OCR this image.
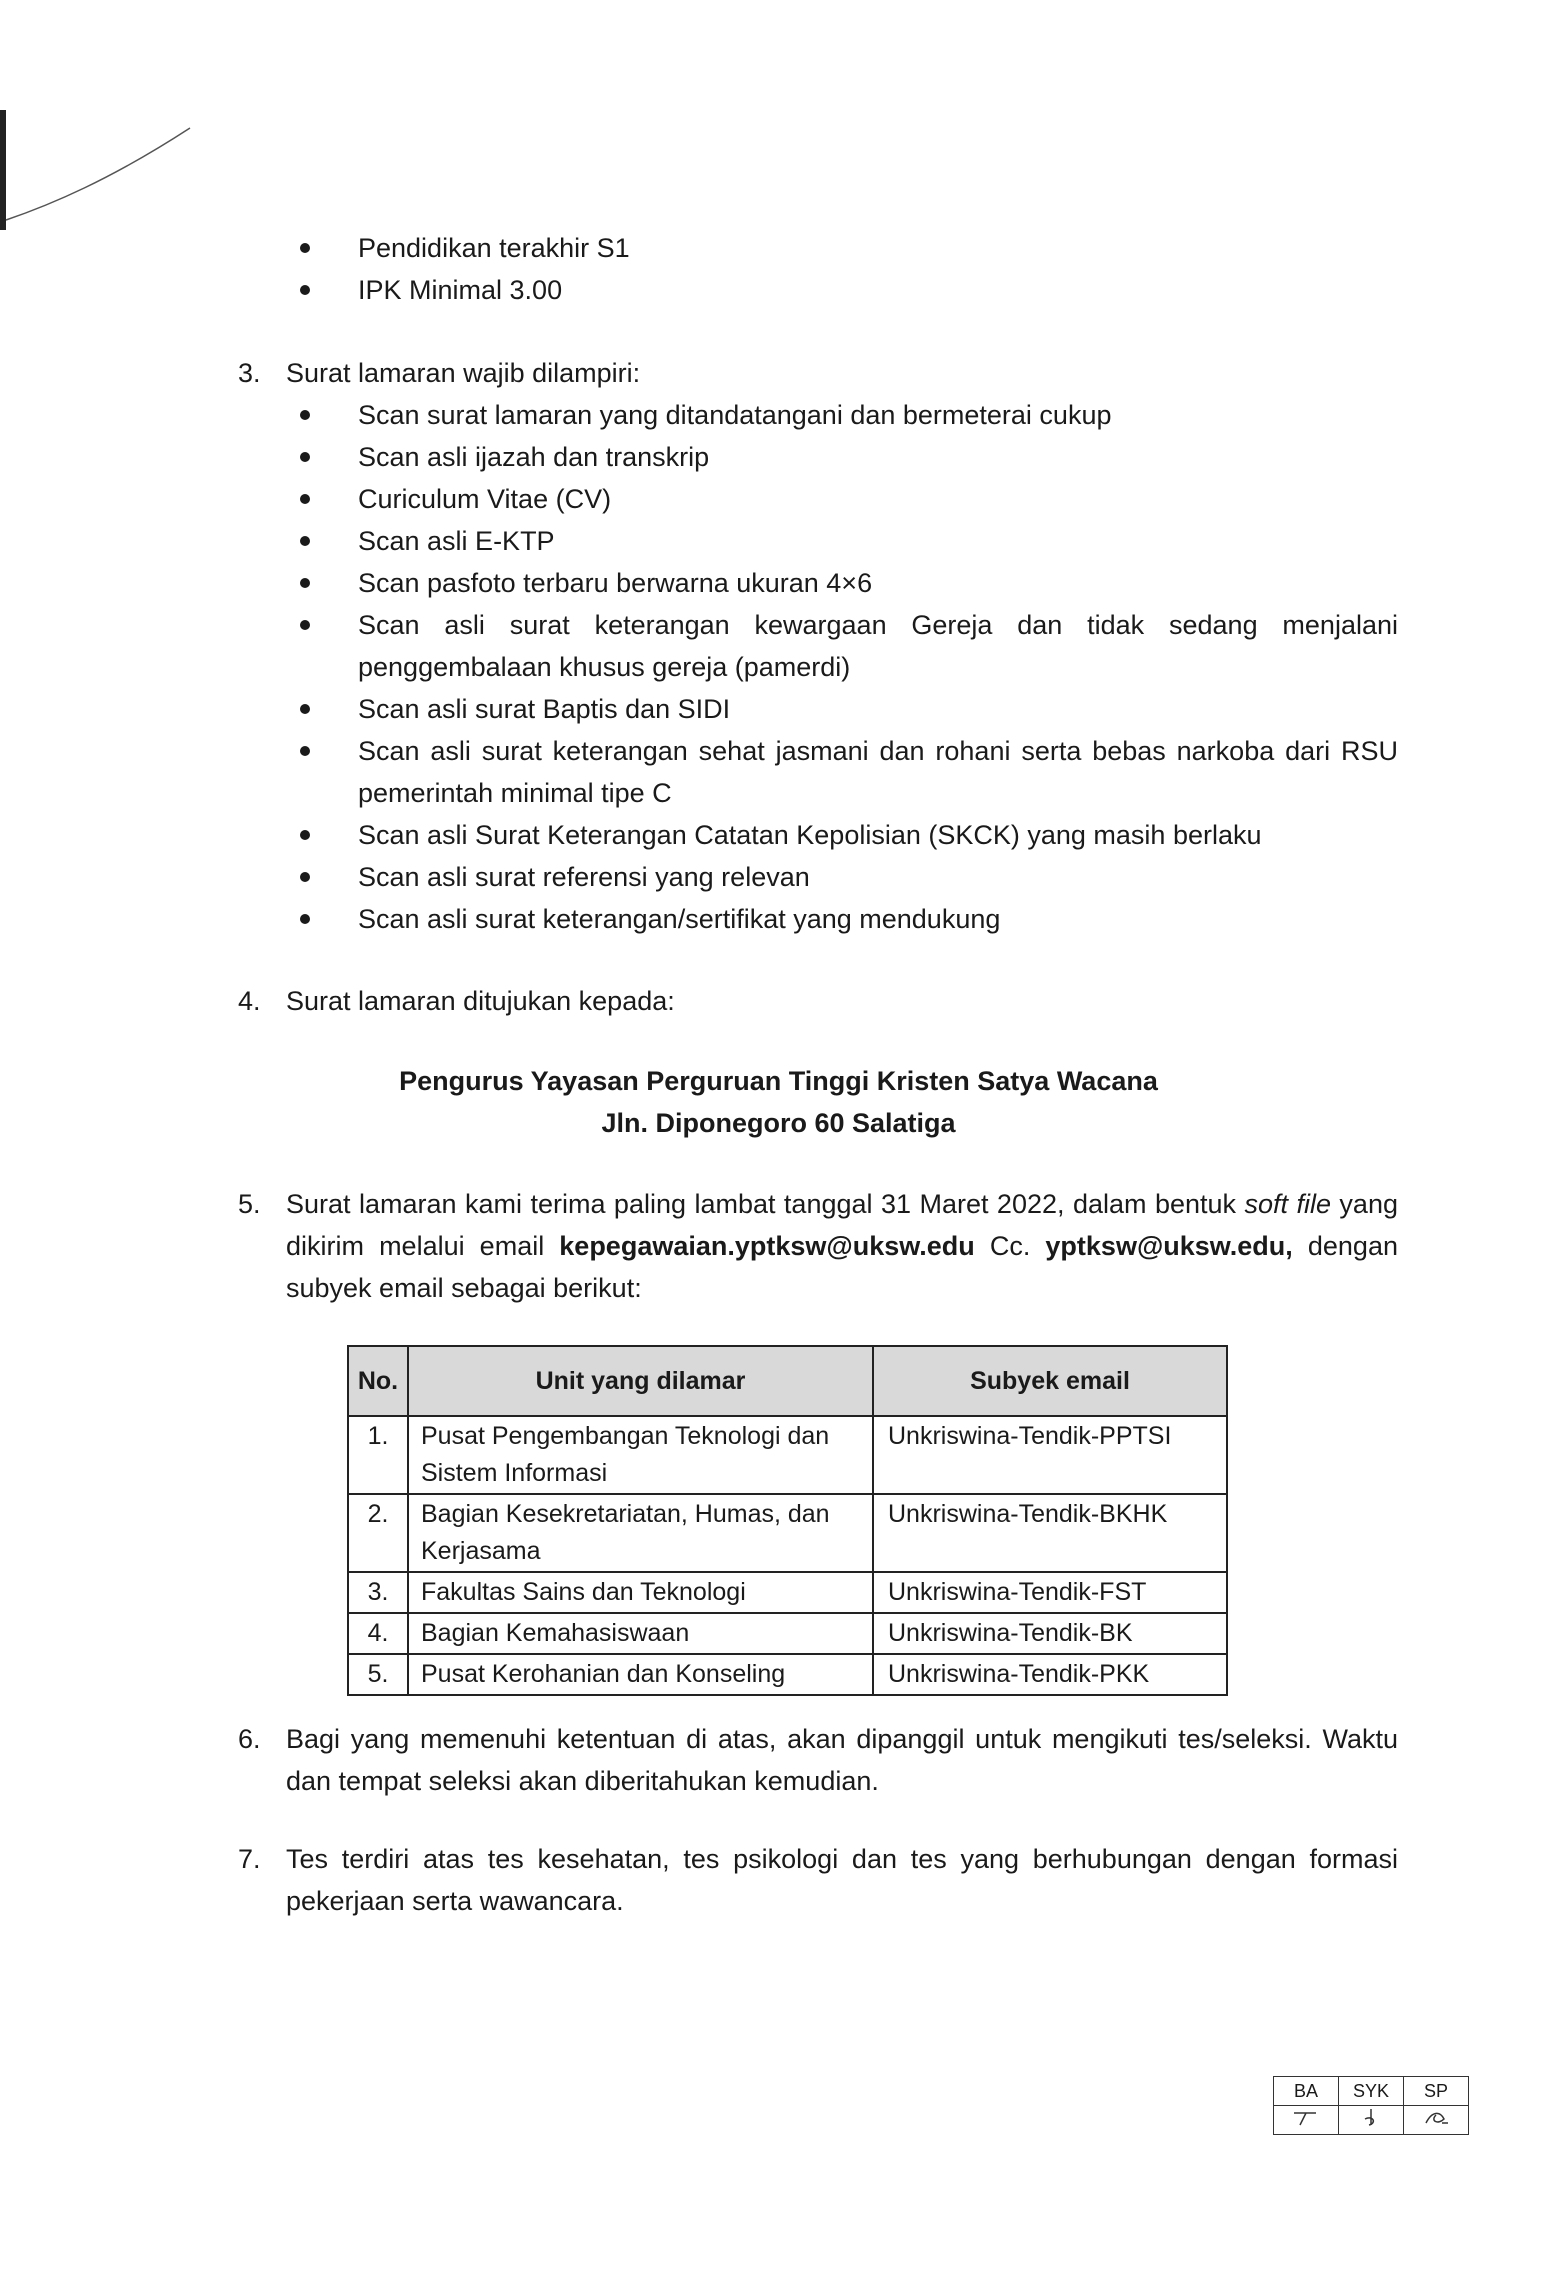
Pendidikan terakhir S1
IPK Minimal 3.00
3. Surat lamaran wajib dilampiri:
Scan surat lamaran yang ditandatangani dan bermeterai cukup
Scan asli ijazah dan transkrip
Curiculum Vitae (CV)
Scan asli E-KTP
Scan pasfoto terbaru berwarna ukuran 4×6
Scan asli surat keterangan kewargaan Gereja dan tidak sedang menjalani penggembalaan khusus gereja (pamerdi)
Scan asli surat Baptis dan SIDI
Scan asli surat keterangan sehat jasmani dan rohani serta bebas narkoba dari RSU pemerintah minimal tipe C
Scan asli Surat Keterangan Catatan Kepolisian (SKCK) yang masih berlaku
Scan asli surat referensi yang relevan
Scan asli surat keterangan/sertifikat yang mendukung
4. Surat lamaran ditujukan kepada:
Pengurus Yayasan Perguruan Tinggi Kristen Satya Wacana
Jln. Diponegoro 60 Salatiga
5. Surat lamaran kami terima paling lambat tanggal 31 Maret 2022, dalam bentuk soft file yang dikirim melalui email kepegawaian.yptksw@uksw.edu Cc. yptksw@uksw.edu, dengan subyek email sebagai berikut:
No.	Unit yang dilamar	Subyek email
1.	Pusat Pengembangan Teknologi dan Sistem Informasi	Unkriswina-Tendik-PPTSI
2.	Bagian Kesekretariatan, Humas, dan Kerjasama	Unkriswina-Tendik-BKHK
3.	Fakultas Sains dan Teknologi	Unkriswina-Tendik-FST
4.	Bagian Kemahasiswaan	Unkriswina-Tendik-BK
5.	Pusat Kerohanian dan Konseling	Unkriswina-Tendik-PKK
6. Bagi yang memenuhi ketentuan di atas, akan dipanggil untuk mengikuti tes/seleksi. Waktu dan tempat seleksi akan diberitahukan kemudian.
7. Tes terdiri atas tes kesehatan, tes psikologi dan tes yang berhubungan dengan formasi pekerjaan serta wawancara.
BA	SYK	SP
